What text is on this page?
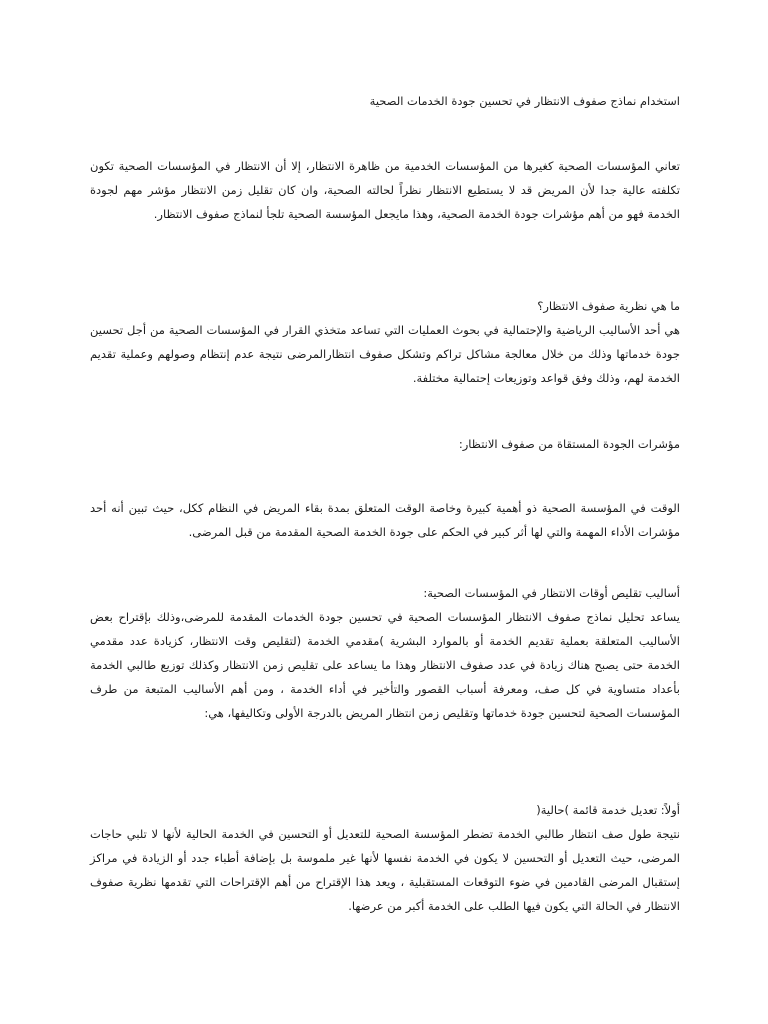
استخدام نماذج صفوف الانتظار في تحسين جودة الخدمات الصحية

تعاني المؤسسات الصحية كغيرها من المؤسسات الخدمية من ظاهرة الانتظار، إلا أن الانتظار في المؤسسات الصحية تكون تكلفته عالية جدا لأن المريض قد لا يستطيع الانتظار نظراً لحالته الصحية، وان كان تقليل زمن الانتظار مؤشر مهم لجودة الخدمة فهو من أهم مؤشرات جودة الخدمة الصحية، وهذا مايجعل المؤسسة الصحية تلجأ لنماذج صفوف الانتظار.

ما هي نظرية صفوف الانتظار؟

هي أحد الأساليب الرياضية والإحتمالية في بحوث العمليات التي تساعد متخذي القرار في المؤسسات الصحية من أجل تحسين جودة خدماتها وذلك من خلال معالجة مشاكل تراكم وتشكل صفوف انتظارالمرضى نتيجة عدم إنتظام وصولهم وعملية تقديم الخدمة لهم، وذلك وفق قواعد وتوزيعات إحتمالية مختلفة.

مؤشرات الجودة المستقاة من صفوف الانتظار:

الوقت في المؤسسة الصحية ذو أهمية كبيرة وخاصة الوقت المتعلق بمدة بقاء المريض في النظام ككل، حيث تبين أنه أحد مؤشرات الأداء المهمة والتي لها أثر كبير في الحكم على جودة الخدمة الصحية المقدمة من قبل المرضى.

أساليب تقليص أوقات الانتظار في المؤسسات الصحية:

يساعد تحليل نماذج صفوف الانتظار المؤسسات الصحية في تحسين جودة الخدمات المقدمة للمرضى،وذلك بإقتراح بعض الأساليب المتعلقة بعملية تقديم الخدمة أو بالموارد البشرية )مقدمي الخدمة (لتقليص وقت الانتظار، كزيادة عدد مقدمي الخدمة حتى يصبح هناك زيادة في عدد صفوف الانتظار وهذا ما يساعد على تقليص زمن الانتظار وكذلك توزيع طالبي الخدمة بأعداد متساوية في كل صف، ومعرفة أسباب القصور والتأخير في أداء الخدمة ، ومن أهم الأساليب المتبعة من طرف المؤسسات الصحية لتحسين جودة خدماتها وتقليص زمن انتظار المريض بالدرجة الأولى وتكاليفها، هي:

أولاً: تعديل خدمة قائمة )حالية(

نتيجة طول صف انتظار طالبي الخدمة تضطر المؤسسة الصحية للتعديل أو التحسين في الخدمة الحالية لأنها لا تلبي حاجات المرضى، حيث التعديل أو التحسين لا يكون في الخدمة نفسها لأنها غير ملموسة بل بإضافة أطباء جدد أو الزيادة في مراكز إستقبال المرضى القادمين في ضوء التوقعات المستقبلية ، ويعد هذا الإقتراح من أهم الإقتراحات التي تقدمها نظرية صفوف الانتظار في الحالة التي يكون فيها الطلب على الخدمة أكبر من عرضها.
